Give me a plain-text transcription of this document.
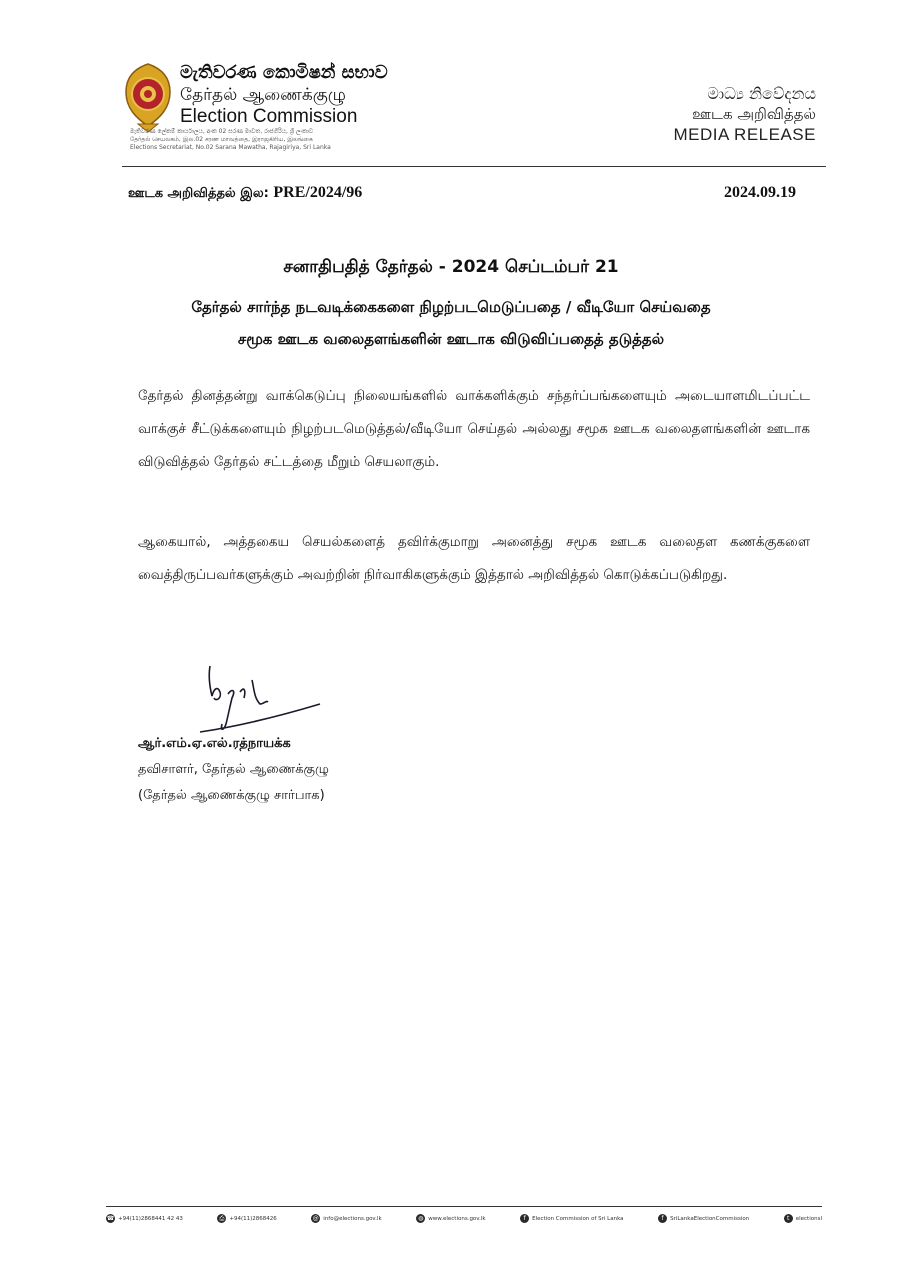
මැතිවරණ කොමිෂන් සභාව
தேர்தல் ஆணைக்குழு
Election Commission
මැතිවරණ ලේකම් කාර්යාලය, අංක 02 සරණ මාවත, රාජගිරිය, ශ්‍රී ලංකාව
தேர்தல் செயலகம், இல.02 சரண மாவத்தை, இராஜகிரிய, இலங்கை
Elections Secretariat, No.02 Sarana Mawatha, Rajagiriya, Sri Lanka
මාධ්‍ය නිවේදනය
ஊடக அறிவித்தல்
MEDIA RELEASE
ஊடக அறிவித்தல் இல: PRE/2024/96	2024.09.19
சனாதிபதித் தேர்தல் - 2024 செப்டம்பர் 21
தேர்தல் சார்ந்த நடவடிக்கைகளை நிழற்படமெடுப்பதை / வீடியோ செய்வதை
சமூக ஊடக வலைதளங்களின் ஊடாக விடுவிப்பதைத் தடுத்தல்
தேர்தல் தினத்தன்று வாக்கெடுப்பு நிலையங்களில் வாக்களிக்கும் சந்தர்ப்பங்களையும் அடையாளமிடப்பட்ட வாக்குச் சீட்டுக்களையும் நிழற்படமெடுத்தல்/வீடியோ செய்தல் அல்லது சமூக ஊடக வலைதளங்களின் ஊடாக விடுவித்தல் தேர்தல் சட்டத்தை மீறும் செயலாகும்.
ஆகையால், அத்தகைய செயல்களைத் தவிர்க்குமாறு அனைத்து சமூக ஊடக வலைதள கணக்குகளை வைத்திருப்பவர்களுக்கும் அவற்றின் நிர்வாகிகளுக்கும் இத்தால் அறிவித்தல் கொடுக்கப்படுகிறது.
ஆர்.எம்.ஏ.எல்.ரத்நாயக்க
தவிசாளர், தேர்தல் ஆணைக்குழு
(தேர்தல் ஆணைக்குழு சார்பாக)
☎ +94(11)2868441 42 43	⎙ +94(11)2868426	@ info@elections.gov.lk	◍ www.elections.gov.lk	f	Election Commission of Sri Lanka	f	SriLankaElectionCommission	t	electionsl
